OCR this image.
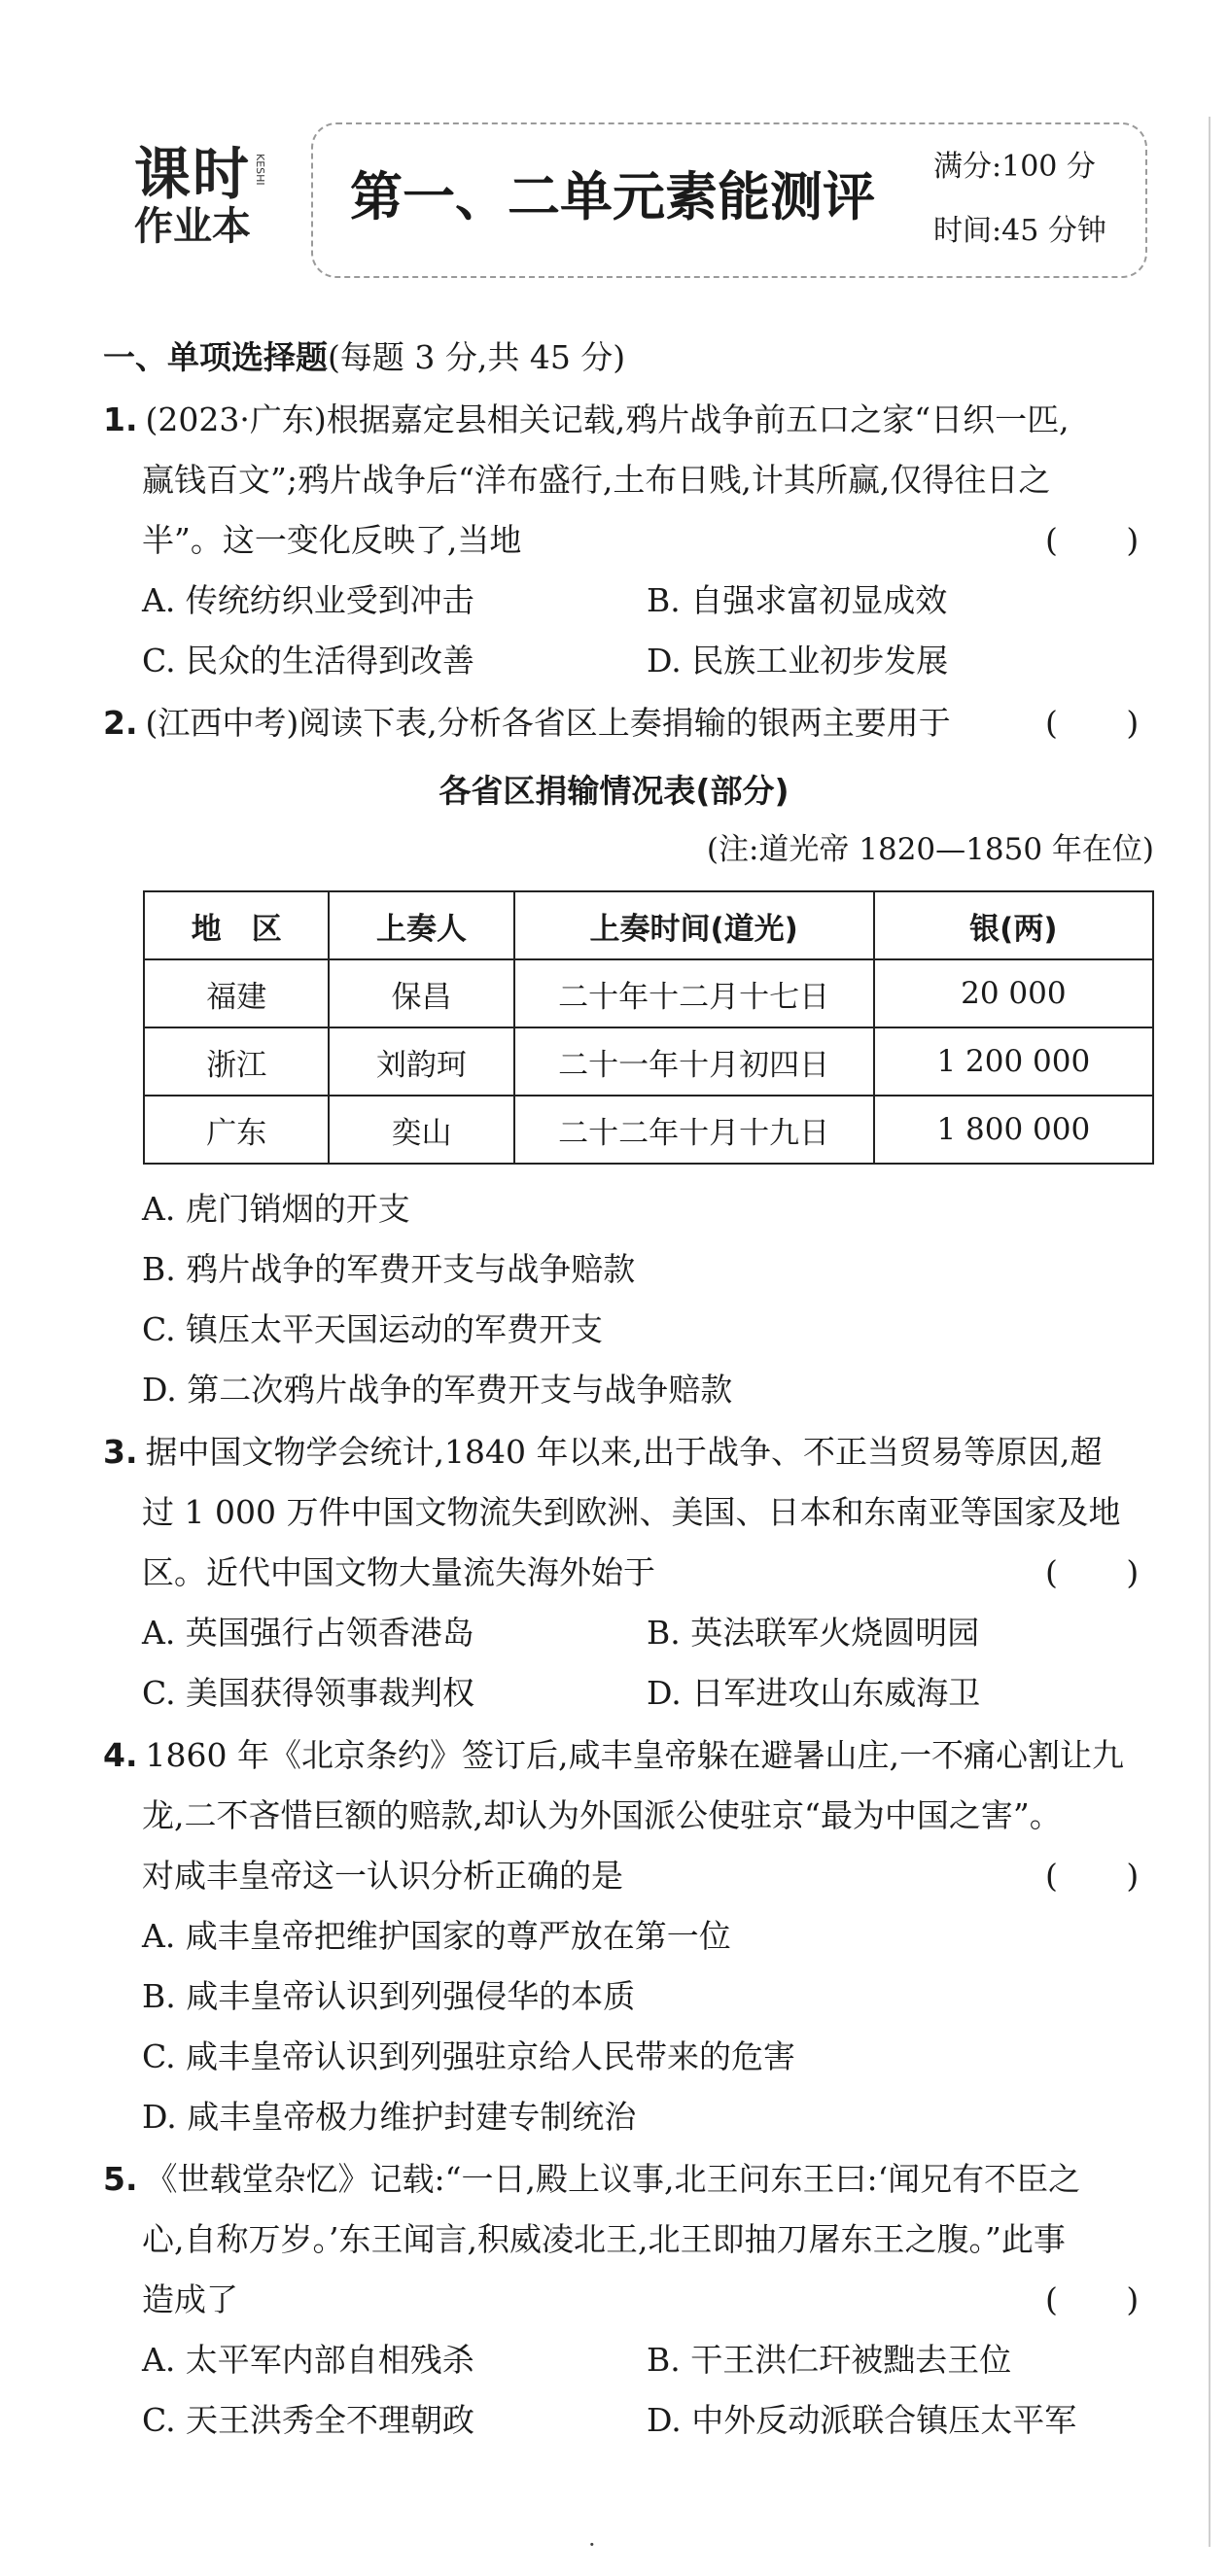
课时
作业本
KESHI 第一、二单元素能测评 满分:100 分
时间:45 分钟
一、单项选择题(每题 3 分,共 45 分)
1. (2023·广东)根据嘉定县相关记载,鸦片战争前五口之家“日织一匹,
赢钱百文”;鸦片战争后“洋布盛行,土布日贱,计其所赢,仅得往日之
半”。这一变化反映了,当地	( )
A. 传统纺织业受到冲击	B. 自强求富初显成效
C. 民众的生活得到改善	D. 民族工业初步发展
2. (江西中考)阅读下表,分析各省区上奏捐输的银两主要用于	( )
各省区捐输情况表(部分)
(注:道光帝 1820—1850 年在位)
地　区	上奏人	上奏时间(道光)	银(两)
福建	保昌	二十年十二月十七日	20 000
浙江	刘韵珂	二十一年十月初四日	1 200 000
广东	奕山	二十二年十月十九日	1 800 000
A. 虎门销烟的开支
B. 鸦片战争的军费开支与战争赔款
C. 镇压太平天国运动的军费开支
D. 第二次鸦片战争的军费开支与战争赔款
3. 据中国文物学会统计,1840 年以来,出于战争、不正当贸易等原因,超
过 1 000 万件中国文物流失到欧洲、美国、日本和东南亚等国家及地
区。近代中国文物大量流失海外始于	( )
A. 英国强行占领香港岛	B. 英法联军火烧圆明园
C. 美国获得领事裁判权	D. 日军进攻山东威海卫
4. 1860 年《北京条约》签订后,咸丰皇帝躲在避暑山庄,一不痛心割让九
龙,二不吝惜巨额的赔款,却认为外国派公使驻京“最为中国之害”。
对咸丰皇帝这一认识分析正确的是	( )
A. 咸丰皇帝把维护国家的尊严放在第一位
B. 咸丰皇帝认识到列强侵华的本质
C. 咸丰皇帝认识到列强驻京给人民带来的危害
D. 咸丰皇帝极力维护封建专制统治
5. 《世载堂杂忆》记载:“一日,殿上议事,北王问东王曰:‘闻兄有不臣之
心,自称万岁。’东王闻言,积威凌北王,北王即抽刀屠东王之腹。”此事
造成了	( )
A. 太平军内部自相残杀	B. 干王洪仁玕被黜去王位
C. 天王洪秀全不理朝政	D. 中外反动派联合镇压太平军
·
